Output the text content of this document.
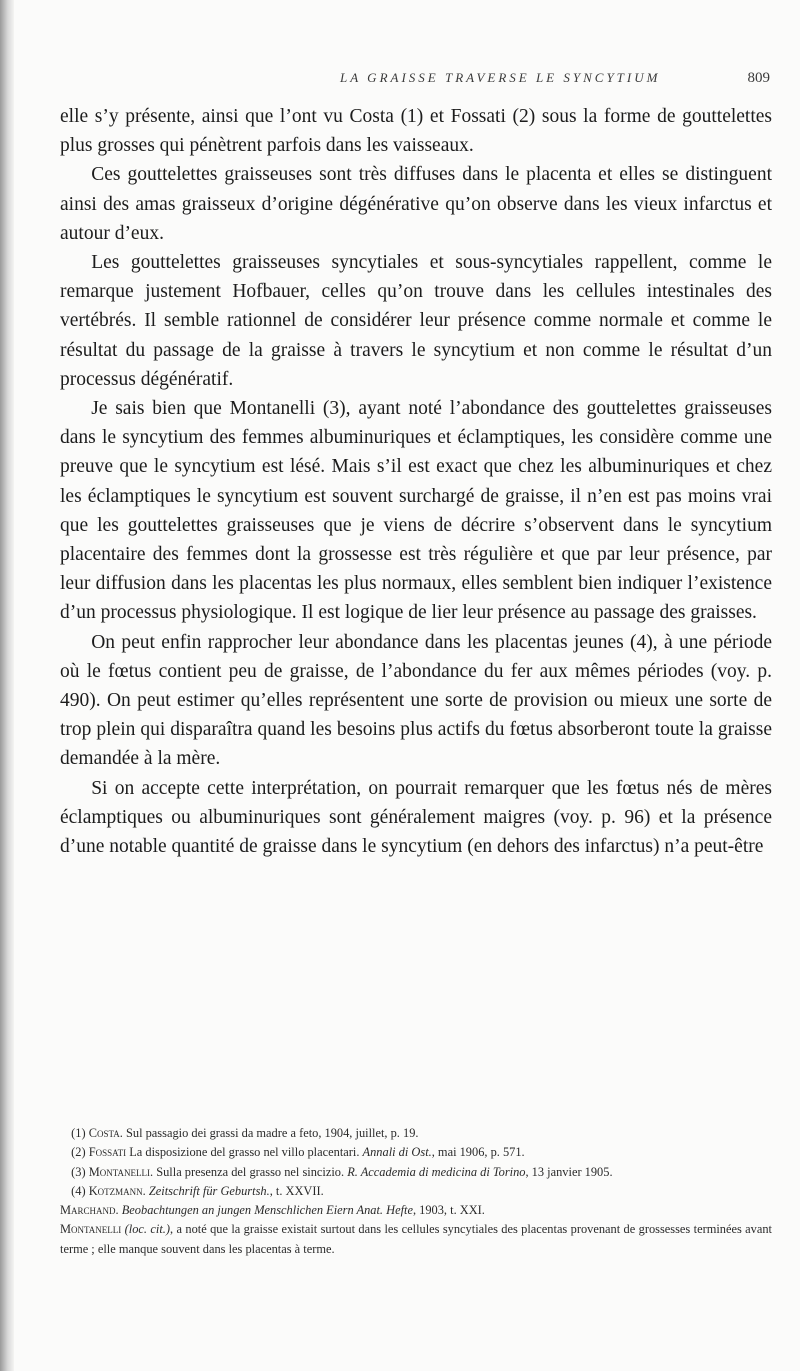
LA GRAISSE TRAVERSE LE SYNCYTIUM	809

elle s’y présente, ainsi que l’ont vu Costa (1) et Fossati (2) sous la forme de gouttelettes plus grosses qui pénètrent parfois dans les vaisseaux.

Ces gouttelettes graisseuses sont très diffuses dans le placenta et elles se distinguent ainsi des amas graisseux d’origine dégénérative qu’on observe dans les vieux infarctus et autour d’eux.

Les gouttelettes graisseuses syncytiales et sous-syncytiales rappellent, comme le remarque justement Hofbauer, celles qu’on trouve dans les cellules intestinales des vertébrés. Il semble rationnel de considérer leur présence comme normale et comme le résultat du passage de la graisse à travers le syncytium et non comme le résultat d’un processus dégénératif.

Je sais bien que Montanelli (3), ayant noté l’abondance des gouttelettes graisseuses dans le syncytium des femmes albuminuriques et éclamptiques, les considère comme une preuve que le syncytium est lésé. Mais s’il est exact que chez les albuminuriques et chez les éclamptiques le syncytium est souvent surchargé de graisse, il n’en est pas moins vrai que les gouttelettes graisseuses que je viens de décrire s’observent dans le syncytium placentaire des femmes dont la grossesse est très régulière et que par leur présence, par leur diffusion dans les placentas les plus normaux, elles semblent bien indiquer l’existence d’un processus physiologique. Il est logique de lier leur présence au passage des graisses.

On peut enfin rapprocher leur abondance dans les placentas jeunes (4), à une période où le fœtus contient peu de graisse, de l’abondance du fer aux mêmes périodes (voy. p. 490). On peut estimer qu’elles représentent une sorte de provision ou mieux une sorte de trop plein qui disparaîtra quand les besoins plus actifs du fœtus absorberont toute la graisse demandée à la mère.

Si on accepte cette interprétation, on pourrait remarquer que les fœtus nés de mères éclamptiques ou albuminuriques sont généralement maigres (voy. p. 96) et la présence d’une notable quantité de graisse dans le syncytium (en dehors des infarctus) n’a peut-être

(1) Costa. Sul passagio dei grassi da madre a feto, 1904, juillet, p. 19.

(2) Fossati La disposizione del grasso nel villo placentari. Annali di Ost., mai 1906, p. 571.

(3) Montanelli. Sulla presenza del grasso nel sincizio. R. Accademia di medicina di Torino, 13 janvier 1905.

(4) Kotzmann. Zeitschrift für Geburtsh., t. XXVII.

Marchand. Beobachtungen an jungen Menschlichen Eiern Anat. Hefte, 1903, t. XXI.

Montanelli (loc. cit.), a noté que la graisse existait surtout dans les cellules syncytiales des placentas provenant de grossesses terminées avant terme ; elle manque souvent dans les placentas à terme.
